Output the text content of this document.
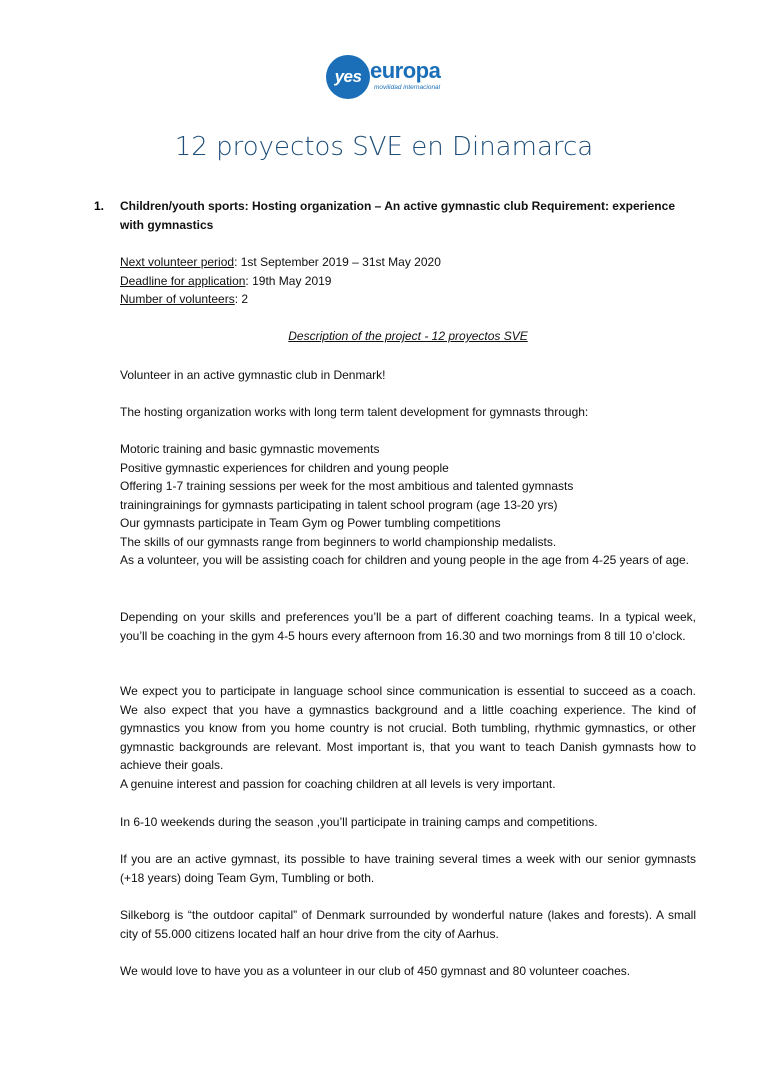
yes europa
movilidad internacional
12 proyectos SVE en Dinamarca
1. Children/youth sports: Hosting organization – An active gymnastic club Requirement: experience with gymnastics
Next volunteer period: 1st September 2019 – 31st May 2020
Deadline for application: 19th May 2019
Number of volunteers: 2
Description of the project - 12 proyectos SVE
Volunteer in an active gymnastic club in Denmark!
The hosting organization works with long term talent development for gymnasts through:
Motoric training and basic gymnastic movements
Positive gymnastic experiences for children and young people
Offering 1-7 training sessions per week for the most ambitious and talented gymnasts
trainingrainings for gymnasts participating in talent school program (age 13-20 yrs)
Our gymnasts participate in Team Gym og Power tumbling competitions
The skills of our gymnasts range from beginners to world championship medalists.
As a volunteer, you will be assisting coach for children and young people in the age from 4-25 years of age.
Depending on your skills and preferences you’ll be a part of different coaching teams. In a typical week, you’ll be coaching in the gym 4-5 hours every afternoon from 16.30 and two mornings from 8 till 10 o’clock.
We expect you to participate in language school since communication is essential to succeed as a coach. We also expect that you have a gymnastics background and a little coaching experience. The kind of gymnastics you know from you home country is not crucial. Both tumbling, rhythmic gymnastics, or other gymnastic backgrounds are relevant. Most important is, that you want to teach Danish gymnasts how to achieve their goals.
A genuine interest and passion for coaching children at all levels is very important.
In 6-10 weekends during the season ,you’ll participate in training camps and competitions.
If you are an active gymnast, its possible to have training several times a week with our senior gymnasts (+18 years) doing Team Gym, Tumbling or both.
Silkeborg is “the outdoor capital” of Denmark surrounded by wonderful nature (lakes and forests). A small city of 55.000 citizens located half an hour drive from the city of Aarhus.
We would love to have you as a volunteer in our club of 450 gymnast and 80 volunteer coaches.
